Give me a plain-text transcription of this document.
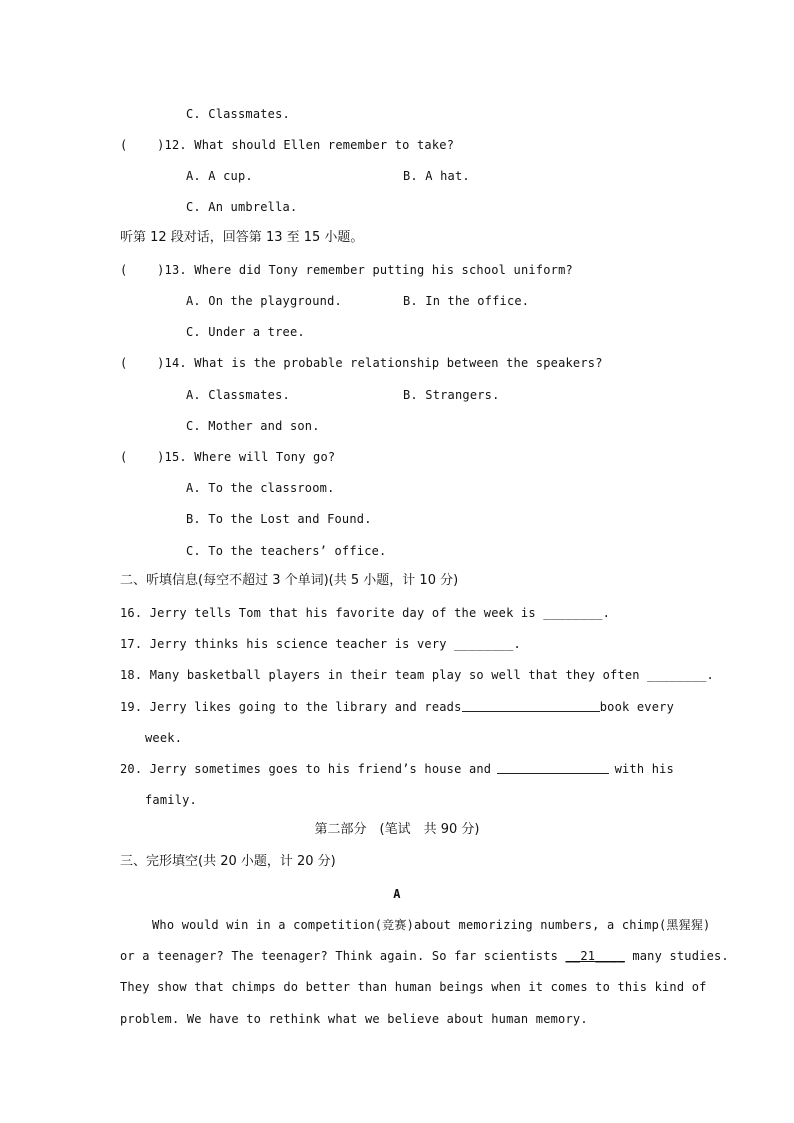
C. Classmates.
(    )12. What should Ellen remember to take?
A. A cup.	B. A hat.
C. An umbrella.
听第 12 段对话，回答第 13 至 15 小题。
(    )13. Where did Tony remember putting his school uniform?
A. On the playground.	B. In the office.
C. Under a tree.
(    )14. What is the probable relationship between the speakers?
A. Classmates.	B. Strangers.
C. Mother and son.
(    )15. Where will Tony go?
A. To the classroom.
B. To the Lost and Found.
C. To the teachers’ office.
二、听填信息(每空不超过 3 个单词)(共 5 小题，计 10 分)
16. Jerry tells Tom that his favorite day of the week is ________.
17. Jerry thinks his science teacher is very ________.
18. Many basketball players in their team play so well that they often ________.
19. Jerry likes going to the library and reads	book every
week.
20. Jerry sometimes goes to his friend’s house and	with his
family.
第二部分　(笔试　共 90 分)
三、完形填空(共 20 小题，计 20 分)
A
Who would win in a competition(竞赛)about memorizing numbers, a chimp(黑猩猩)
or a teenager? The teenager? Think again. So far scientists __21____ many studies.
They show that chimps do better than human beings when it comes to this kind of
problem. We have to rethink what we believe about human memory.
